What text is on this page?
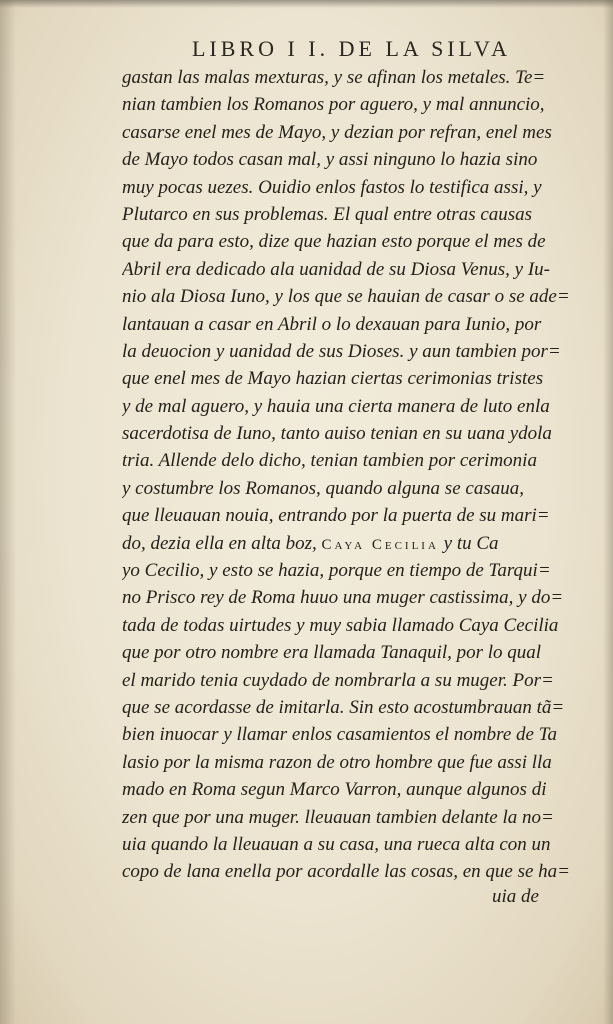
LIBRO I I. DE LA SILVA
gastan las malas mexturas, y se afinan los metales. Te=
nian tambien los Romanos por aguero, y mal annuncio,
casarse enel mes de Mayo, y dezian por refran, enel mes
de Mayo todos casan mal, y assi ninguno lo hazia sino
muy pocas uezes. Ouidio enlos fastos lo testifica assi, y
Plutarco en sus problemas. El qual entre otras causas
que da para esto, dize que hazian esto porque el mes de
Abril era dedicado ala uanidad de su Diosa Venus, y Iu-
nio ala Diosa Iuno, y los que se hauian de casar o se ade=
lantauan a casar en Abril o lo dexauan para Iunio, por
la deuocion y uanidad de sus Dioses. y aun tambien por=
que enel mes de Mayo hazian ciertas cerimonias tristes
y de mal aguero, y hauia una cierta manera de luto enla
sacerdotisa de Iuno, tanto auiso tenian en su uana ydola
tria. Allende delo dicho, tenian tambien por cerimonia
y costumbre los Romanos, quando alguna se casaua,
que lleuauan nouia, entrando por la puerta de su mari=
do, dezia ella en alta boz, Caya Cecilia y tu Ca
yo Cecilio, y esto se hazia, porque en tiempo de Tarqui=
no Prisco rey de Roma huuo una muger castissima, y do=
tada de todas uirtudes y muy sabia llamado Caya Cecilia
que por otro nombre era llamada Tanaquil, por lo qual
el marido tenia cuydado de nombrarla a su muger. Por=
que se acordasse de imitarla. Sin esto acostumbrauan tã=
bien inuocar y llamar enlos casamientos el nombre de Ta
lasio por la misma razon de otro hombre que fue assi lla
mado en Roma segun Marco Varron, aunque algunos di
zen que por una muger. lleuauan tambien delante la no=
uia quando la lleuauan a su casa, una rueca alta con un
copo de lana enella por acordalle las cosas, en que se ha=
uia de
